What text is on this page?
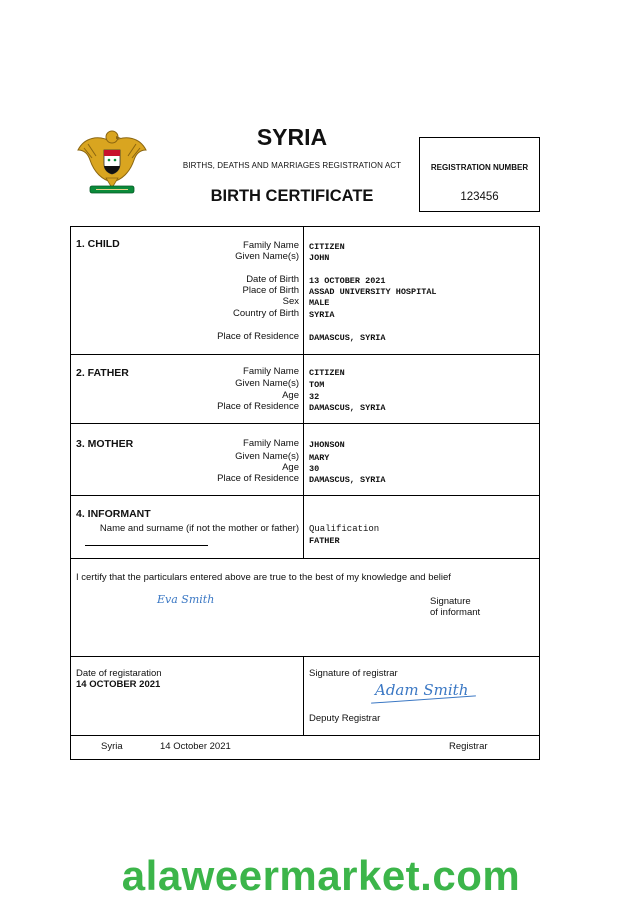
SYRIA
BIRTHS, DEATHS AND MARRIAGES REGISTRATION ACT
BIRTH CERTIFICATE
REGISTRATION NUMBER
123456
1. CHILD	Family Name CITIZEN
Given Name(s) JOHN
Date of Birth 13 OCTOBER 2021
Place of Birth ASSAD UNIVERSITY HOSPITAL
Sex MALE
Country of Birth SYRIA
Place of Residence DAMASCUS, SYRIA
2. FATHER	Family Name CITIZEN
Given Name(s) TOM
Age 32
Place of Residence DAMASCUS, SYRIA
3. MOTHER	Family Name JHONSON
Given Name(s) MARY
Age 30
Place of Residence DAMASCUS, SYRIA
4. INFORMANT
Name and surname (if not the mother or father) Qualification
FATHER
I certify that the particulars entered above are true to the best of my knowledge and belief
Eva Smith	Signature
of informant
Date of registaration
14 OCTOBER 2021
Signature of registrar
Adam Smith
Deputy Registrar
Syria	14 October 2021	Registrar
alaweermarket.com
